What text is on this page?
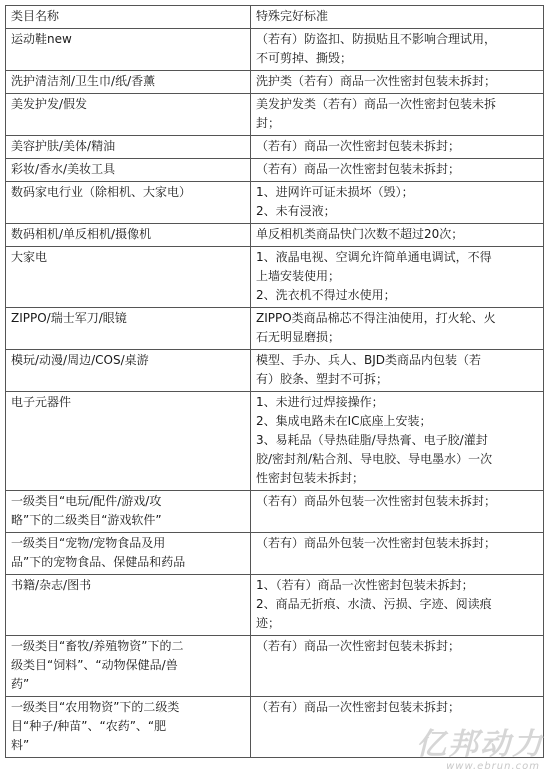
类目名称	特殊完好标准

运动鞋new	（若有）防盗扣、防损贴且不影响合理试用，
不可剪掉、撕毁；

洗护清洁剂/卫生巾/纸/香薰	洗护类（若有）商品一次性密封包装未拆封；

美发护发/假发	美发护发类（若有）商品一次性密封包装未拆
封；

美容护肤/美体/精油	（若有）商品一次性密封包装未拆封；

彩妆/香水/美妆工具	（若有）商品一次性密封包装未拆封；

数码家电行业（除相机、大家电）	1、进网许可证未损坏（毁）；
2、未有浸液；

数码相机/单反相机/摄像机	单反相机类商品快门次数不超过20次；

大家电	1、液晶电视、空调允许简单通电调试，不得
上墙安装使用；
2、洗衣机不得过水使用；

ZIPPO/瑞士军刀/眼镜	ZIPPO类商品棉芯不得注油使用，打火轮、火
石无明显磨损；

模玩/动漫/周边/COS/桌游	模型、手办、兵人、BJD类商品内包装（若
有）胶条、塑封不可拆；

电子元器件	1、未进行过焊接操作；
2、集成电路未在IC底座上安装；
3、易耗品（导热硅脂/导热膏、电子胶/灌封
胶/密封剂/粘合剂、导电胶、导电墨水）一次
性密封包装未拆封；

一级类目“电玩/配件/游戏/攻
略”下的二级类目“游戏软件”	（若有）商品外包装一次性密封包装未拆封；

一级类目“宠物/宠物食品及用
品”下的宠物食品、保健品和药品	（若有）商品外包装一次性密封包装未拆封；

书籍/杂志/图书	1、（若有）商品一次性密封包装未拆封；
2、商品无折痕、水渍、污损、字迹、阅读痕
迹；

一级类目“畜牧/养殖物资”下的二
级类目“饲料”、“动物保健品/兽
药”	（若有）商品一次性密封包装未拆封；

一级类目“农用物资”下的二级类
目“种子/种苗”、“农药”、“肥
料”	（若有）商品一次性密封包装未拆封；
亿邦动力
www.ebrun.com
